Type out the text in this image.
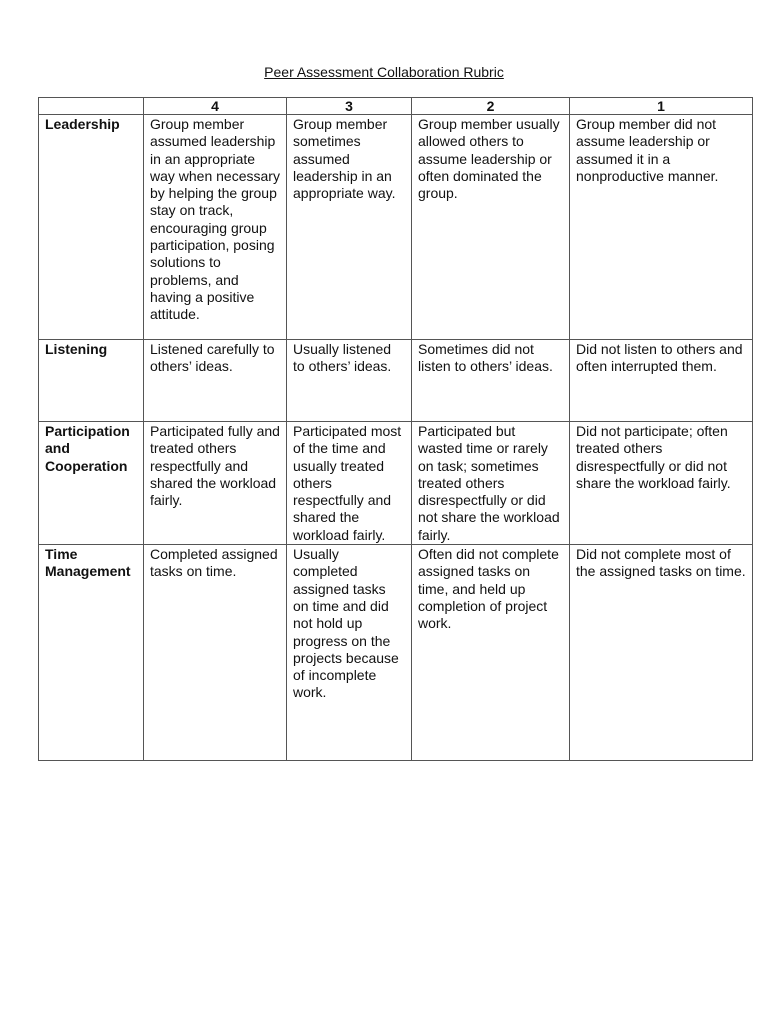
Peer Assessment Collaboration Rubric
	4	3	2	1
Leadership	Group member assumed leadership in an appropriate way when necessary by helping the group stay on track, encouraging group participation, posing solutions to problems, and having a positive attitude.	Group member sometimes assumed leadership in an appropriate way.	Group member usually allowed others to assume leadership or often dominated the group.	Group member did not assume leadership or assumed it in a nonproductive manner.
Listening	Listened carefully to others’ ideas.	Usually listened to others’ ideas.	Sometimes did not listen to others’ ideas.	Did not listen to others and often interrupted them.
Participation and Cooperation	Participated fully and treated others respectfully and shared the workload fairly.	Participated most of the time and usually treated others respectfully and shared the workload fairly.	Participated but wasted time or rarely on task; sometimes treated others disrespectfully or did not share the workload fairly.	Did not participate; often treated others disrespectfully or did not share the workload fairly.
Time Management	Completed assigned tasks on time.	Usually completed assigned tasks on time and did not hold up progress on the projects because of incomplete work.	Often did not complete assigned tasks on time, and held up completion of project work.	Did not complete most of the assigned tasks on time.
